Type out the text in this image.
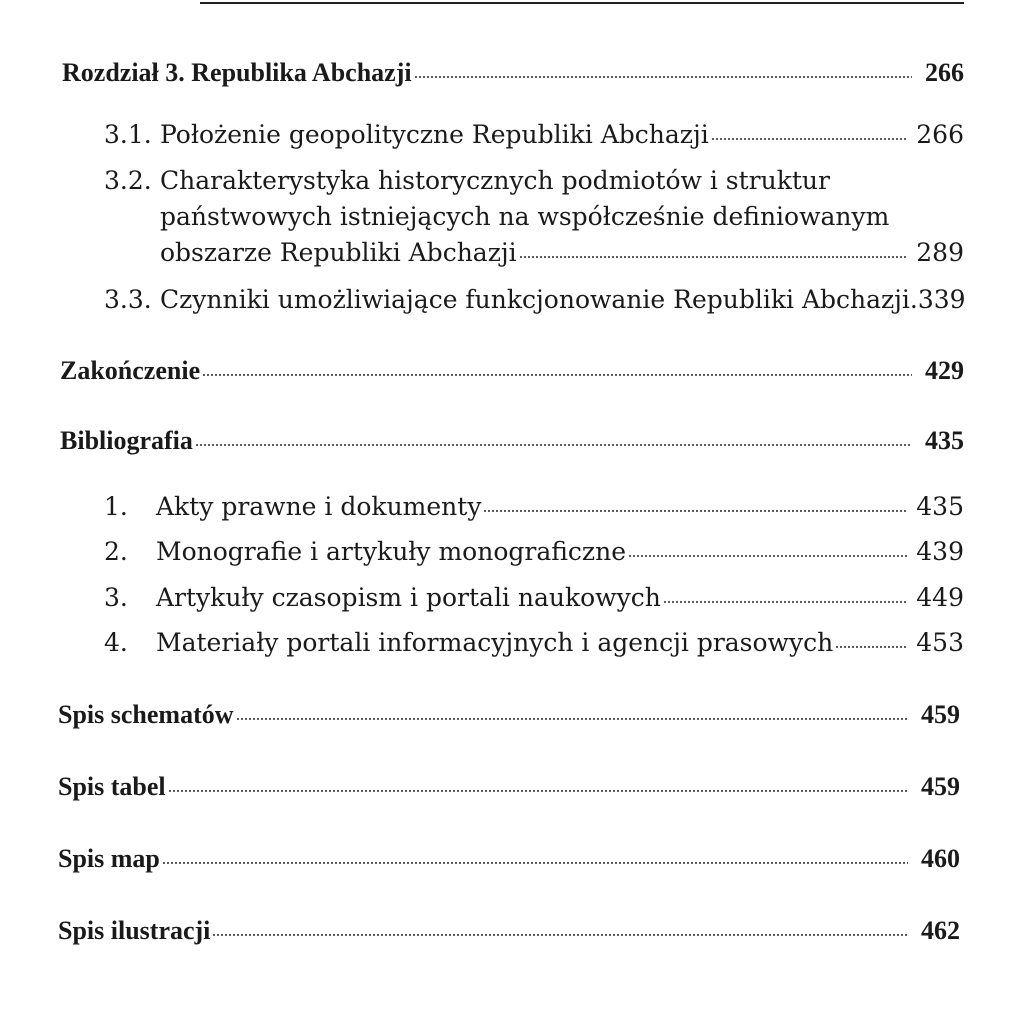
Rozdział 3. Republika Abchazji	266
3.1. Położenie geopolityczne Republiki Abchazji	266
3.2. Charakterystyka historycznych podmiotów i struktur
państwowych istniejących na współcześnie definiowanym
obszarze Republiki Abchazji	289
3.3. Czynniki umożliwiające funkcjonowanie Republiki Abchazji. 339
Zakończenie	429
Bibliografia	435
1.	Akty prawne i dokumenty	435
2.	Monografie i artykuły monograficzne	439
3.	Artykuły czasopism i portali naukowych	449
4.	Materiały portali informacyjnych i agencji prasowych	453
Spis schematów	459
Spis tabel	459
Spis map	460
Spis ilustracji	462
